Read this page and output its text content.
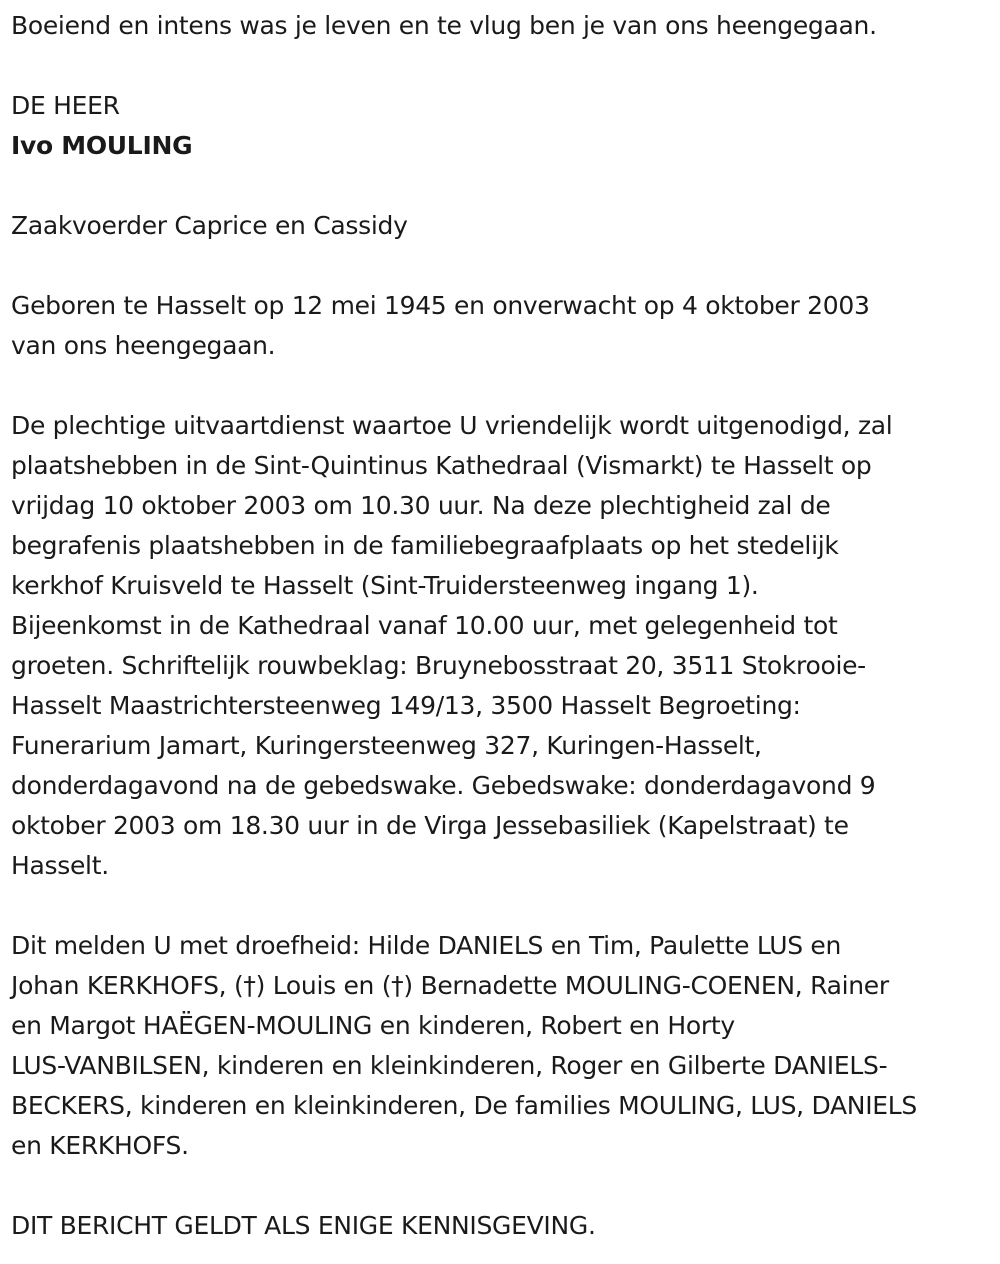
Boeiend en intens was je leven en te vlug ben je van ons heengegaan.

DE HEER

Ivo MOULING

Zaakvoerder Caprice en Cassidy

Geboren te Hasselt op 12 mei 1945 en onverwacht op 4 oktober 2003

van ons heengegaan.

De plechtige uitvaartdienst waartoe U vriendelijk wordt uitgenodigd, zal

plaatshebben in de Sint-Quintinus Kathedraal (Vismarkt) te Hasselt op

vrijdag 10 oktober 2003 om 10.30 uur. Na deze plechtigheid zal de

begrafenis plaatshebben in de familiebegraafplaats op het stedelijk

kerkhof Kruisveld te Hasselt (Sint-Truidersteenweg ingang 1).

Bijeenkomst in de Kathedraal vanaf 10.00 uur, met gelegenheid tot

groeten. Schriftelijk rouwbeklag: Bruynebosstraat 20, 3511 Stokrooie-

Hasselt Maastrichtersteenweg 149/13, 3500 Hasselt Begroeting:

Funerarium Jamart, Kuringersteenweg 327, Kuringen-Hasselt,

donderdagavond na de gebedswake. Gebedswake: donderdagavond 9

oktober 2003 om 18.30 uur in de Virga Jessebasiliek (Kapelstraat) te

Hasselt.

Dit melden U met droefheid: Hilde DANIELS en Tim, Paulette LUS en

Johan KERKHOFS, (†) Louis en (†) Bernadette MOULING-COENEN, Rainer

en Margot HAËGEN-MOULING en kinderen, Robert en Horty

LUS-VANBILSEN, kinderen en kleinkinderen, Roger en Gilberte DANIELS-

BECKERS, kinderen en kleinkinderen, De families MOULING, LUS, DANIELS

en KERKHOFS.

DIT BERICHT GELDT ALS ENIGE KENNISGEVING.
